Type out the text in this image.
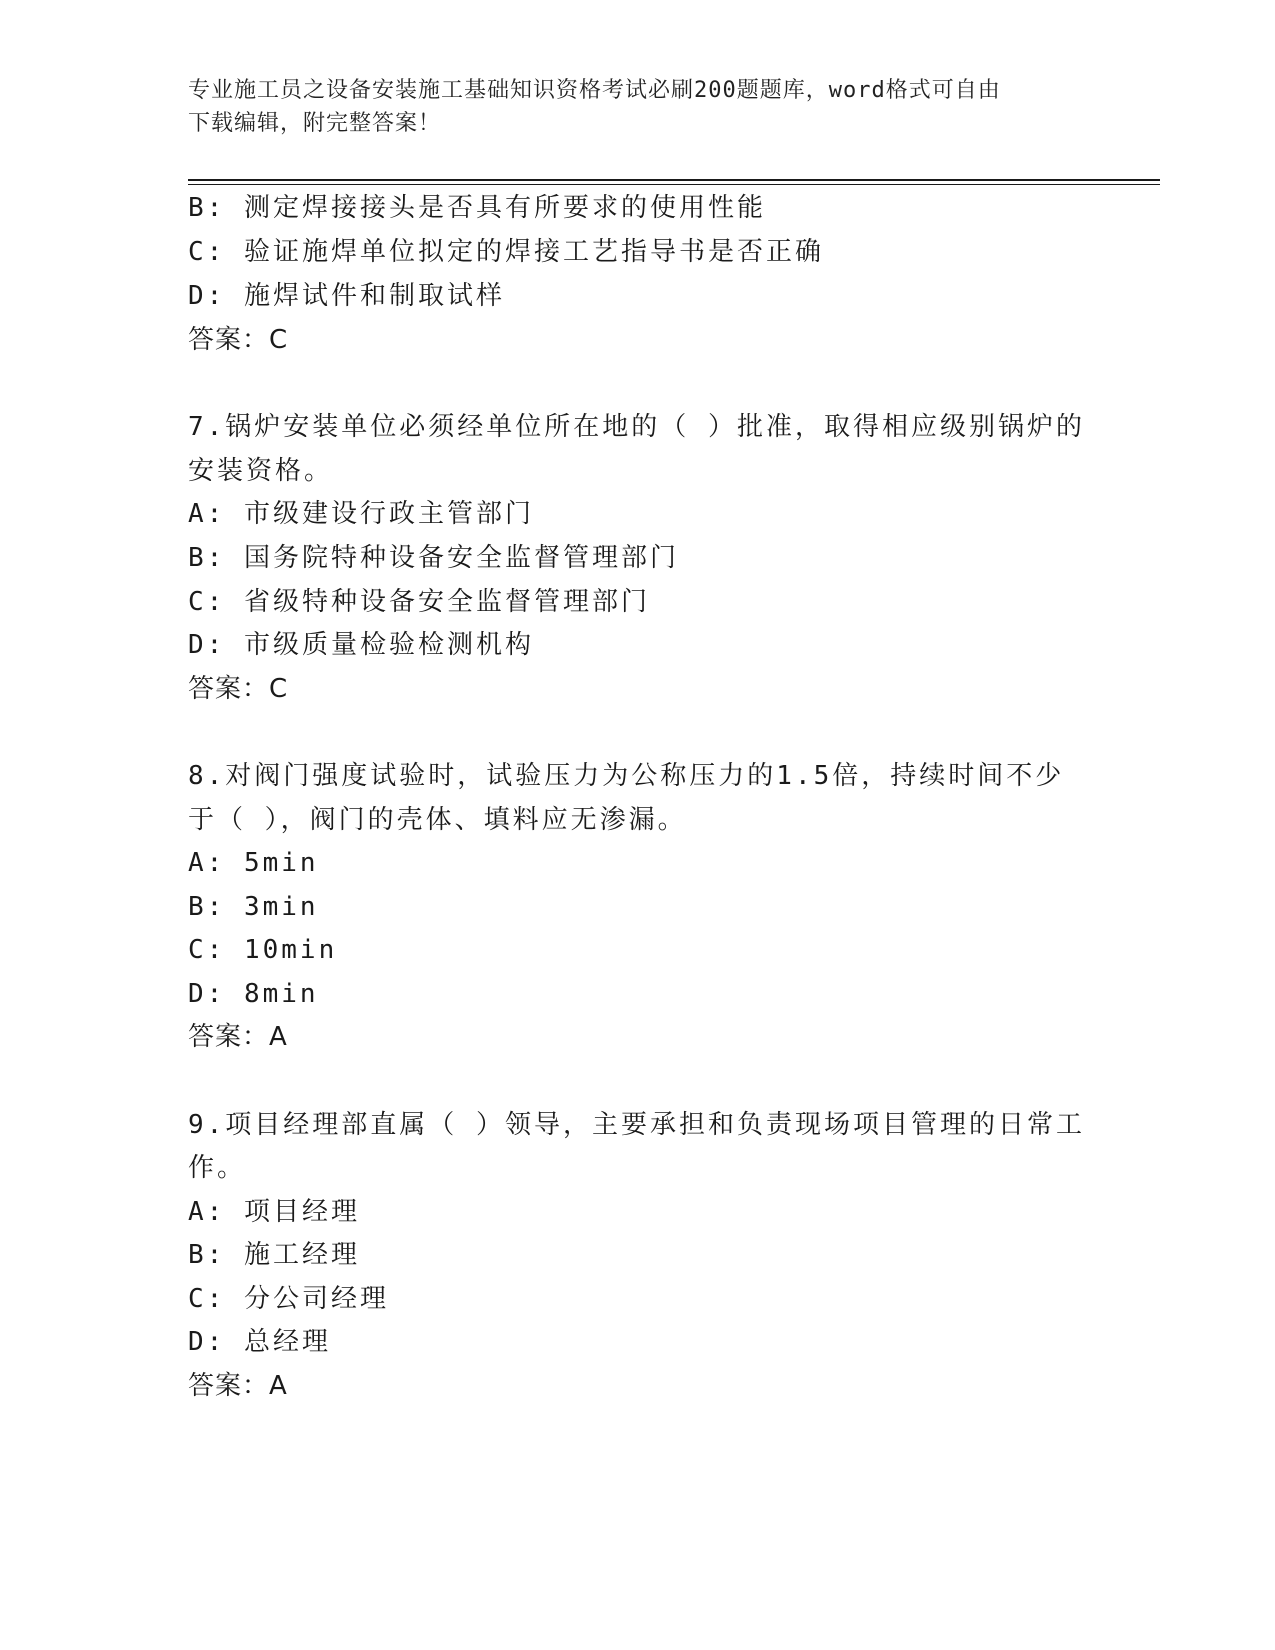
专业施工员之设备安装施工基础知识资格考试必刷200题题库，word格式可自由
下载编辑，附完整答案！
B: 测定焊接接头是否具有所要求的使用性能
C: 验证施焊单位拟定的焊接工艺指导书是否正确
D: 施焊试件和制取试样
答案：C
7.锅炉安装单位必须经单位所在地的（ ）批准，取得相应级别锅炉的
安装资格。
A: 市级建设行政主管部门
B: 国务院特种设备安全监督管理部门
C: 省级特种设备安全监督管理部门
D: 市级质量检验检测机构
答案：C
8.对阀门强度试验时，试验压力为公称压力的1.5倍，持续时间不少
于（ ），阀门的壳体、填料应无渗漏。
A: 5min
B: 3min
C: 10min
D: 8min
答案：A
9.项目经理部直属（ ）领导，主要承担和负责现场项目管理的日常工
作。
A: 项目经理
B: 施工经理
C: 分公司经理
D: 总经理
答案：A
